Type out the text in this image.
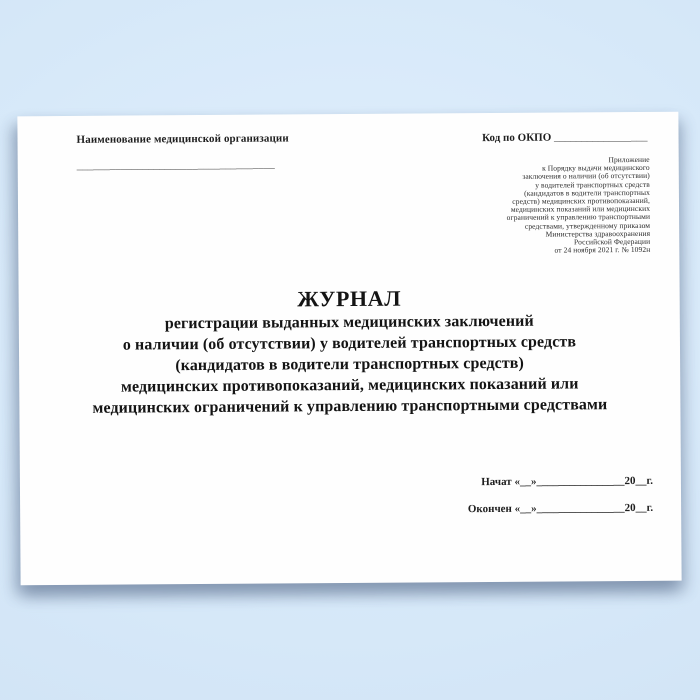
Наименование медицинской организации
____________________________________
Код по ОКПО _________________
Приложение
к Порядку выдачи медицинского
заключения о наличии (об отсутствии)
у водителей транспортных средств
(кандидатов в водители транспортных
средств) медицинских противопоказаний,
медицинских показаний или медицинских
ограничений к управлению транспортными
средствами, утвержденному приказом
Министерства здравоохранения
Российской Федерации
от 24 ноября 2021 г. № 1092н
ЖУРНАЛ
регистрации выданных медицинских заключений
о наличии (об отсутствии) у водителей транспортных средств
(кандидатов в водители транспортных средств)
медицинских противопоказаний, медицинских показаний или
медицинских ограничений к управлению транспортными средствами
Начат «__»________________20__г.
Окончен «__»________________20__г.
